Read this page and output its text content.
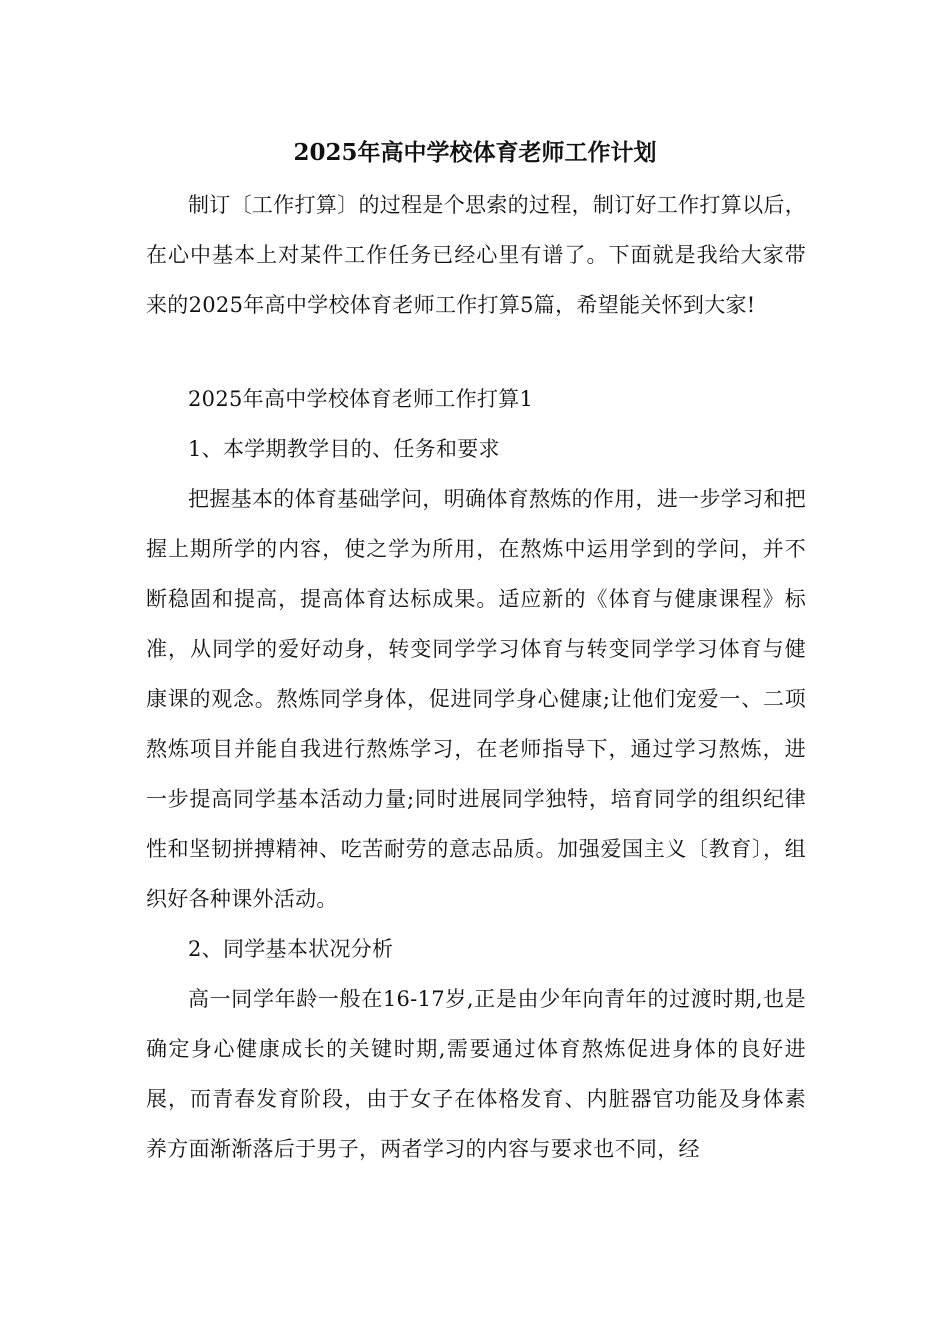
2025年高中学校体育老师工作计划

制订〔工作打算〕的过程是个思索的过程，制订好工作打算以后，在心中基本上对某件工作任务已经心里有谱了。下面就是我给大家带来的2025年高中学校体育老师工作打算5篇，希望能关怀到大家!

2025年高中学校体育老师工作打算1

1、本学期教学目的、任务和要求

把握基本的体育基础学问，明确体育熬炼的作用，进一步学习和把握上期所学的内容，使之学为所用，在熬炼中运用学到的学问，并不断稳固和提高，提高体育达标成果。适应新的《体育与健康课程》标准，从同学的爱好动身，转变同学学习体育与转变同学学习体育与健康课的观念。熬炼同学身体，促进同学身心健康;让他们宠爱一、二项熬炼项目并能自我进行熬炼学习，在老师指导下，通过学习熬炼，进一步提高同学基本活动力量;同时进展同学独特，培育同学的组织纪律性和坚韧拼搏精神、吃苦耐劳的意志品质。加强爱国主义〔教育〕，组织好各种课外活动。

2、同学基本状况分析

高一同学年龄一般在16-17岁,正是由少年向青年的过渡时期,也是确定身心健康成长的关键时期,需要通过体育熬炼促进身体的良好进展，而青春发育阶段，由于女子在体格发育、内脏器官功能及身体素养方面渐渐落后于男子，两者学习的内容与要求也不同，经
